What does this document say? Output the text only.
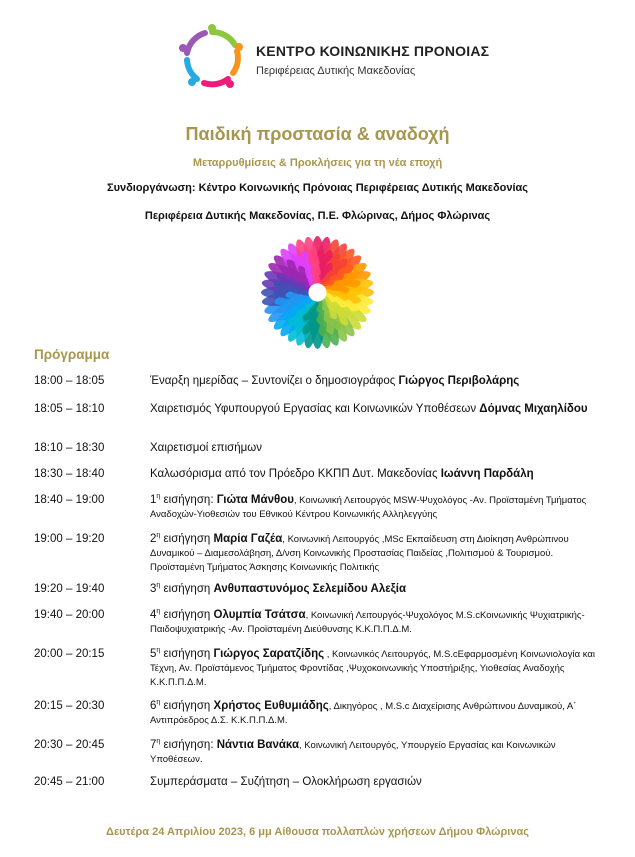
ΚΕΝΤΡΟ ΚΟΙΝΩΝΙΚΗΣ ΠΡΟΝΟΙΑΣ
Περιφέρειας Δυτικής Μακεδονίας
Παιδική προστασία & αναδοχή
Μεταρρυθμίσεις & Προκλήσεις για τη νέα εποχή
Συνδιοργάνωση: Κέντρο Κοινωνικής Πρόνοιας Περιφέρειας Δυτικής Μακεδονίας
Περιφέρεια Δυτικής Μακεδονίας, Π.Ε. Φλώρινας, Δήμος Φλώρινας
Πρόγραμμα
18:00 – 18:05	Έναρξη ημερίδας – Συντονίζει ο δημοσιογράφος Γιώργος Περιβολάρης
18:05 – 18:10	Χαιρετισμός Υφυπουργού Εργασίας και Κοινωνικών Υποθέσεων Δόμνας Μιχαηλίδου
18:10 – 18:30	Χαιρετισμοί επισήμων
18:30 – 18:40	Καλωσόρισμα από τον Πρόεδρο ΚΚΠΠ Δυτ. Μακεδονίας Ιωάννη Παρδάλη
18:40 – 19:00	$1^\eta$ εισήγηση: Γιώτα Μάνθου, Κοινωνική Λειτουργός MSW-Ψυχολόγος -Αν. Προϊσταμένη Τμήματος Αναδοχών-Υιοθεσιών του Εθνικού Κέντρου Κοινωνικής Αλληλεγγύης
19:00 – 19:20	$2^\eta$ εισήγηση Μαρία Γαζέα, Κοινωνική Λειτουργός ,MSc Εκπαίδευση στη Διοίκηση Ανθρώπινου Δυναμικού – Διαμεσολάβηση, Δ/νση Κοινωνικής Προστασίας Παιδείας ,Πολιτισμού & Τουρισμού. Προϊσταμένη Τμήματος Άσκησης Κοινωνικής Πολιτικής
19:20 – 19:40	$3^\eta$ εισήγηση Ανθυπαστυνόμος Σελεμίδου Αλεξία
19:40 – 20:00	$4^\eta$ εισήγηση Ολυμπία Τσάτσα, Κοινωνική Λειτουργός-Ψυχολόγος M.S.cΚοινωνικής Ψυχιατρικής-Παιδοψυχιατρικής -Αν. Προϊσταμένη Διεύθυνσης Κ.Κ.Π.Π.Δ.Μ.
20:00 – 20:15	$5^\eta$ εισήγηση Γιώργος Σαρατζίδης , Κοινωνικός Λειτουργός, M.S.cΕφαρμοσμένη Κοινωνιολογία και Τέχνη, Αν. Προϊστάμενος Τμήματος Φροντίδας ,Ψυχοκοινωνικής Υποστήριξης, Υιοθεσίας Αναδοχής Κ.Κ.Π.Π.Δ.Μ.
20:15 – 20:30	$6^\eta$ εισήγηση Χρήστος Ευθυμιάδης, Δικηγόρος , M.S.c Διαχείρισης Ανθρώπινου Δυναμικού, Α΄ Αντιπρόεδρος Δ.Σ. Κ.Κ.Π.Π.Δ.Μ.
20:30 – 20:45	$7^\eta$ εισήγηση: Νάντια Βανάκα, Κοινωνική Λειτουργός, Υπουργείο Εργασίας και Κοινωνικών Υποθέσεων.
20:45 – 21:00	Συμπεράσματα – Συζήτηση – Ολοκλήρωση εργασιών
Δευτέρα 24 Απριλίου 2023, 6 μμ Αίθουσα πολλαπλών χρήσεων Δήμου Φλώρινας
